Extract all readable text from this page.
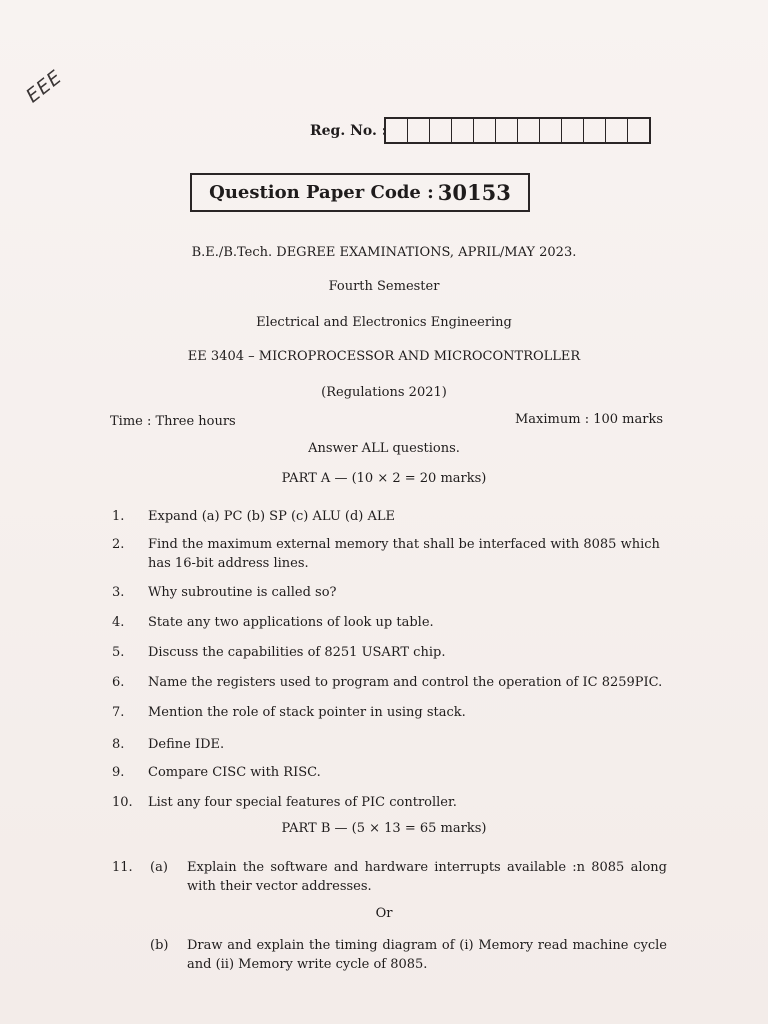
EEE
Reg. No. :
Question Paper Code : 30153
B.E./B.Tech. DEGREE EXAMINATIONS, APRIL/MAY 2023.
Fourth Semester
Electrical and Electronics Engineering
EE 3404 – MICROPROCESSOR AND MICROCONTROLLER
(Regulations 2021)
Time : Three hours	Maximum : 100 marks
Answer ALL questions.
PART A — (10 × 2 = 20 marks)
1. Expand (a) PC (b) SP (c) ALU (d) ALE
2. Find the maximum external memory that shall be interfaced with 8085 which has 16-bit address lines.
3. Why subroutine is called so?
4. State any two applications of look up table.
5. Discuss the capabilities of 8251 USART chip.
6. Name the registers used to program and control the operation of IC 8259PIC.
7. Mention the role of stack pointer in using stack.
8. Define IDE.
9. Compare CISC with RISC.
10. List any four special features of PIC controller.
PART B — (5 × 13 = 65 marks)
11. (a) Explain the software and hardware interrupts available :n 8085 along with their vector addresses.
Or
(b) Draw and explain the timing diagram of (i) Memory read machine cycle and (ii) Memory write cycle of 8085.
